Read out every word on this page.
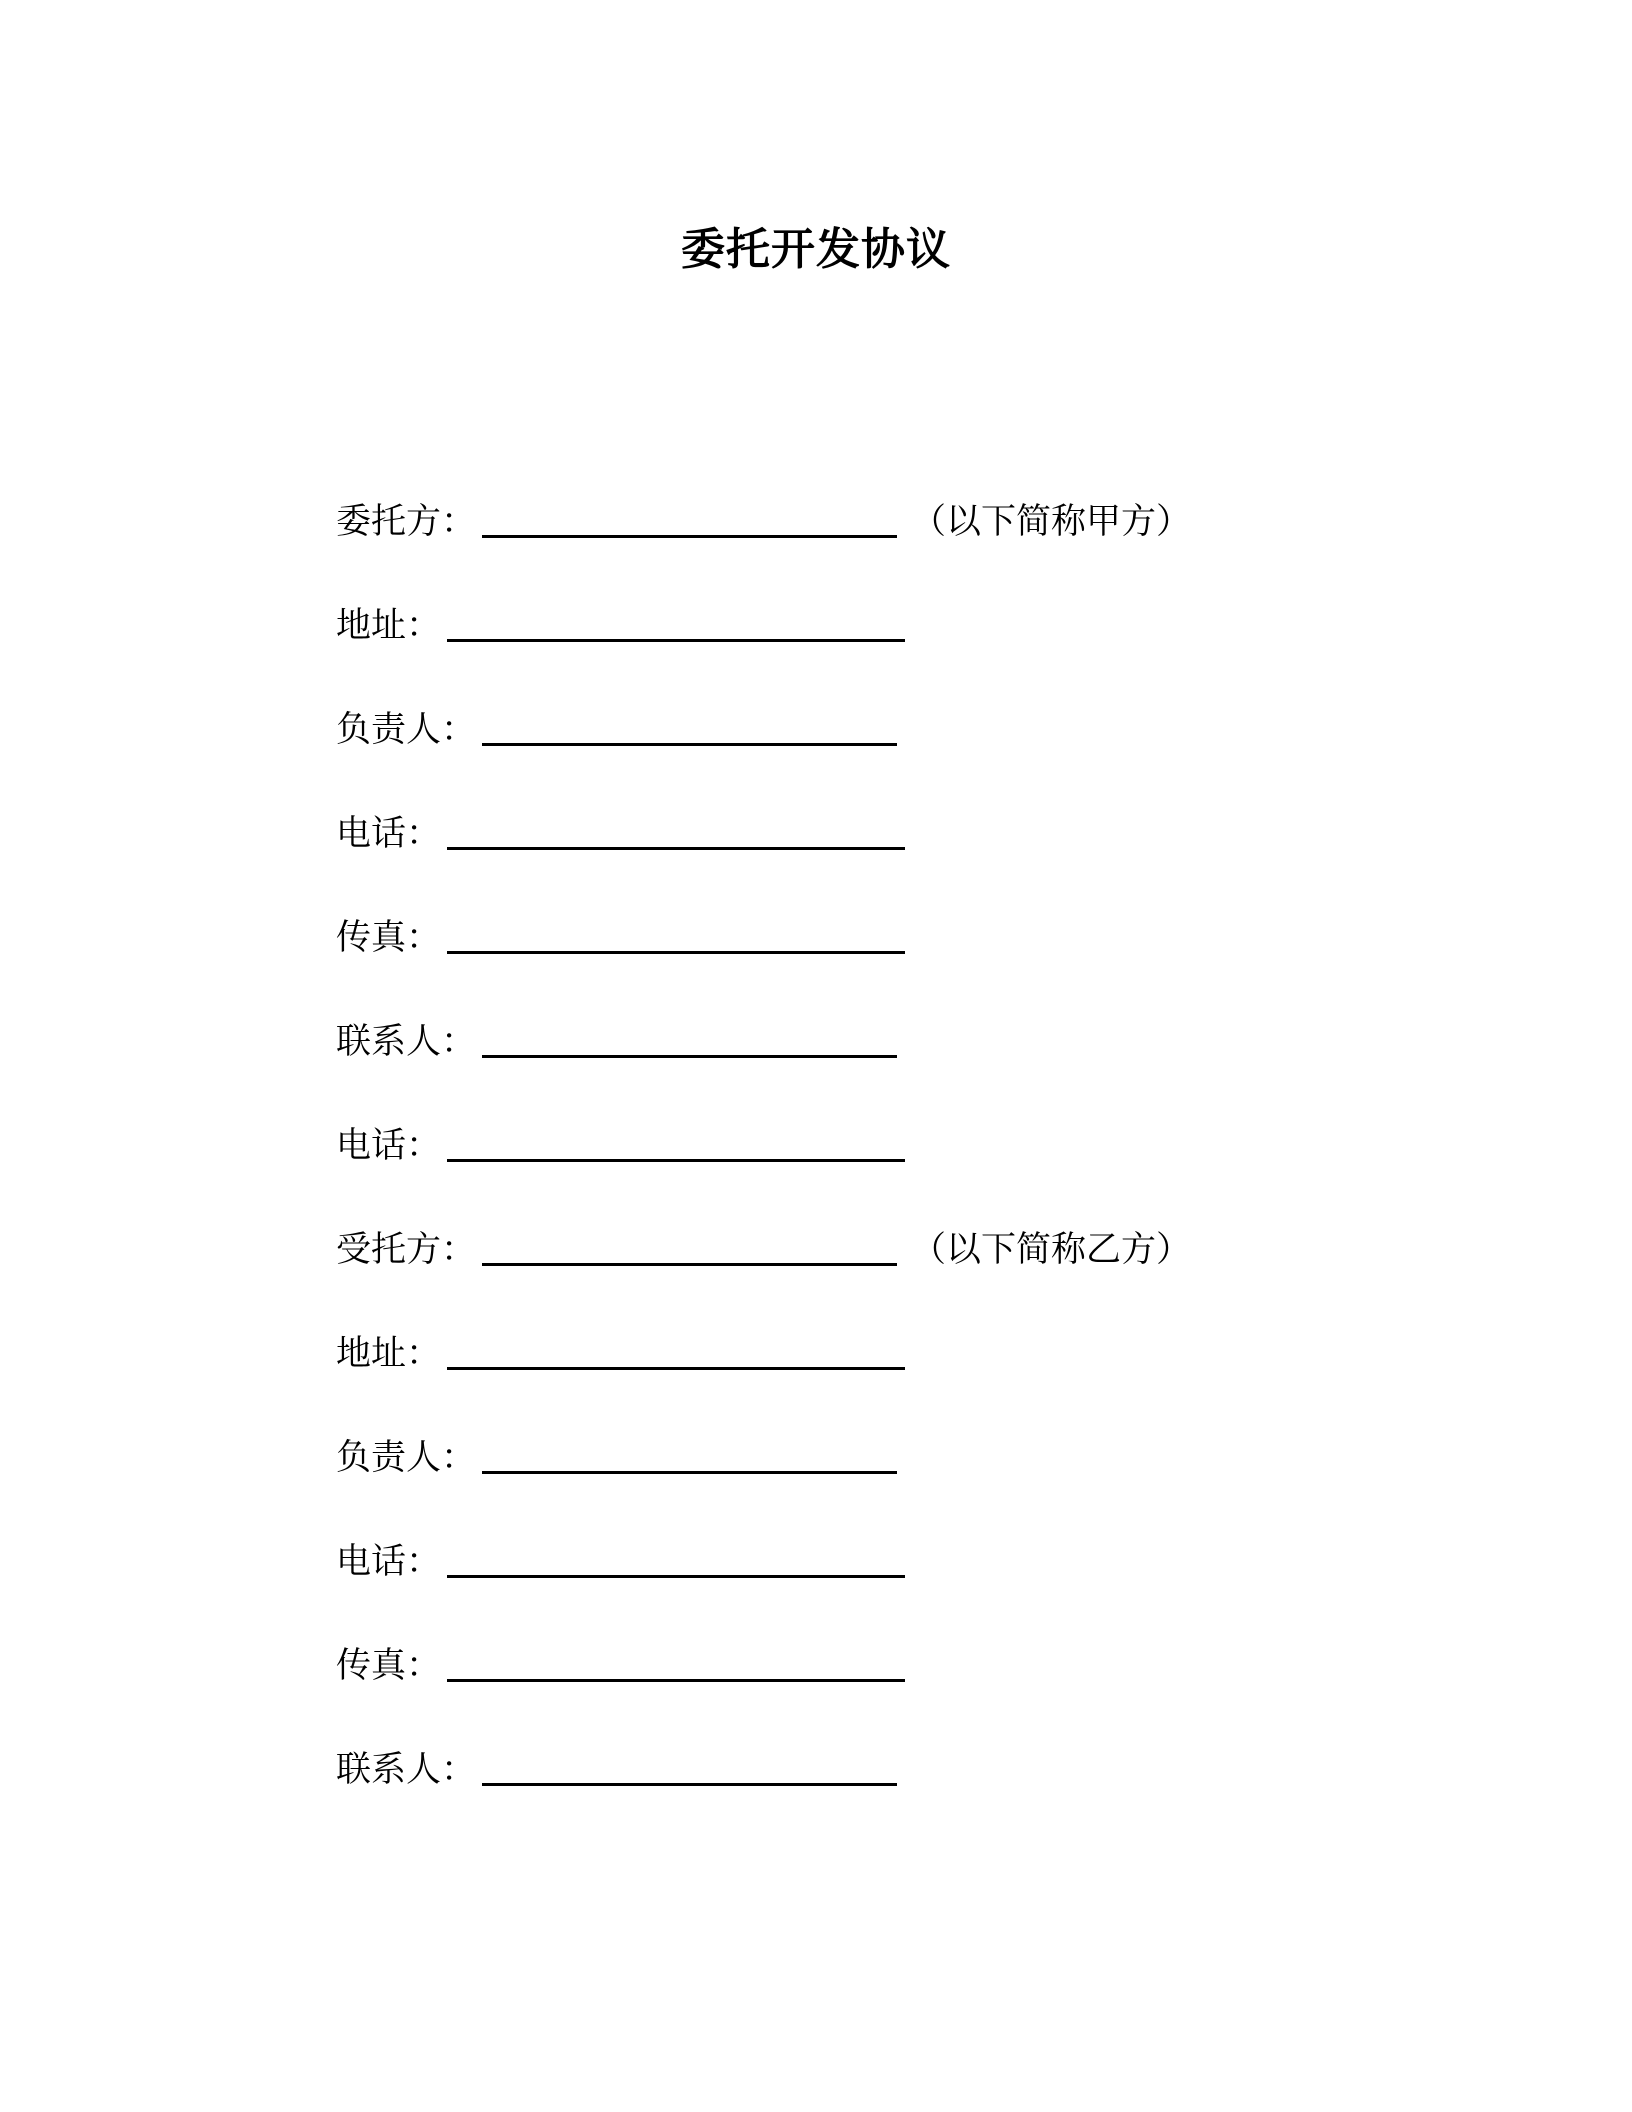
委托开发协议
委托方：	（以下简称甲方）
地址：
负责人：
电话：
传真：
联系人：
电话：
受托方：	（以下简称乙方）
地址：
负责人：
电话：
传真：
联系人：
